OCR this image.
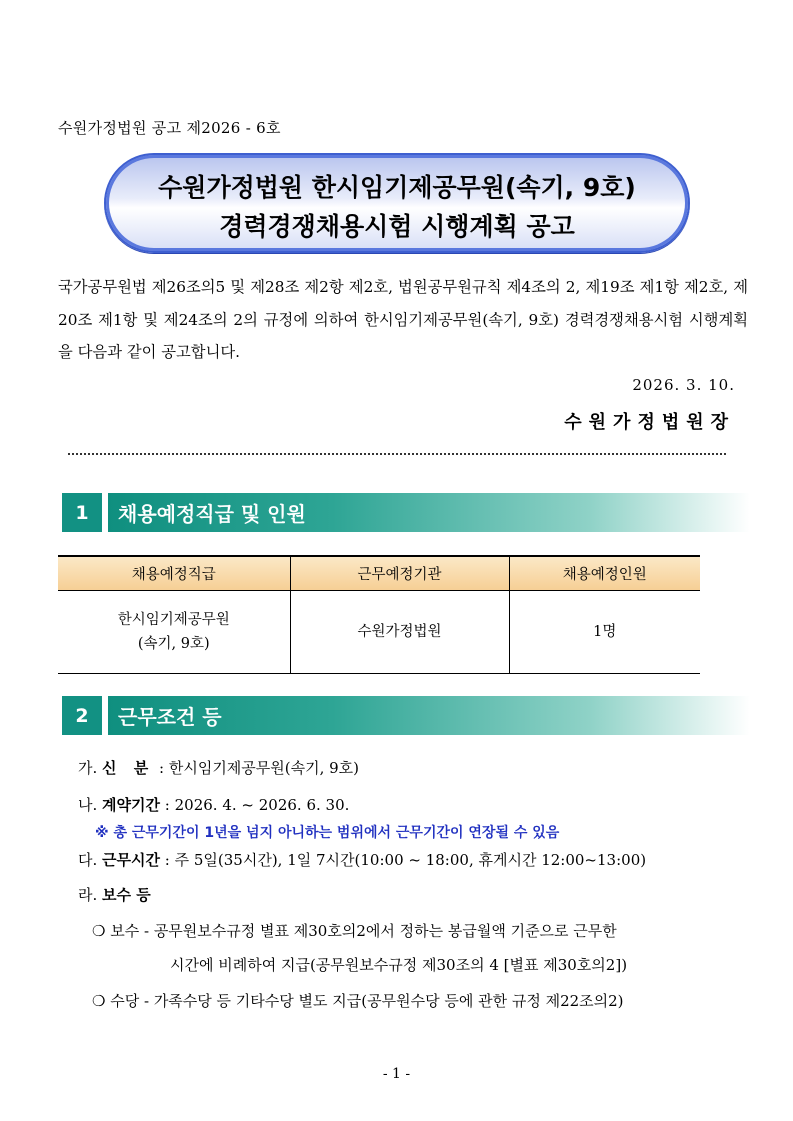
수원가정법원 공고 제2026 - 6호
수원가정법원 한시임기제공무원(속기, 9호)
경력경쟁채용시험 시행계획 공고
국가공무원법 제26조의5 및 제28조 제2항 제2호, 법원공무원규칙 제4조의 2, 제19조 제1항 제2호, 제20조 제1항 및 제24조의 2의 규정에 의하여 한시임기제공무원(속기, 9호) 경력경쟁채용시험 시행계획을 다음과 같이 공고합니다.
2026. 3. 10.
수원가정법원장
1	채용예정직급 및 인원
채용예정직급	근무예정기관	채용예정인원

한시임기제공무원
(속기, 9호)	수원가정법원	1명
2	근무조건 등
가. 신 분 : 한시임기제공무원(속기, 9호)
나. 계약기간 : 2026. 4. ~ 2026. 6. 30.
※ 총 근무기간이 1년을 넘지 아니하는 범위에서 근무기간이 연장될 수 있음
다. 근무시간 : 주 5일(35시간), 1일 7시간(10:00 ~ 18:00, 휴게시간 12:00~13:00)
라. 보수 등
❍ 보수 - 공무원보수규정 별표 제30호의2에서 정하는 봉급월액 기준으로 근무한
시간에 비례하여 지급(공무원보수규정 제30조의 4 [별표 제30호의2])
❍ 수당 - 가족수당 등 기타수당 별도 지급(공무원수당 등에 관한 규정 제22조의2)
- 1 -
